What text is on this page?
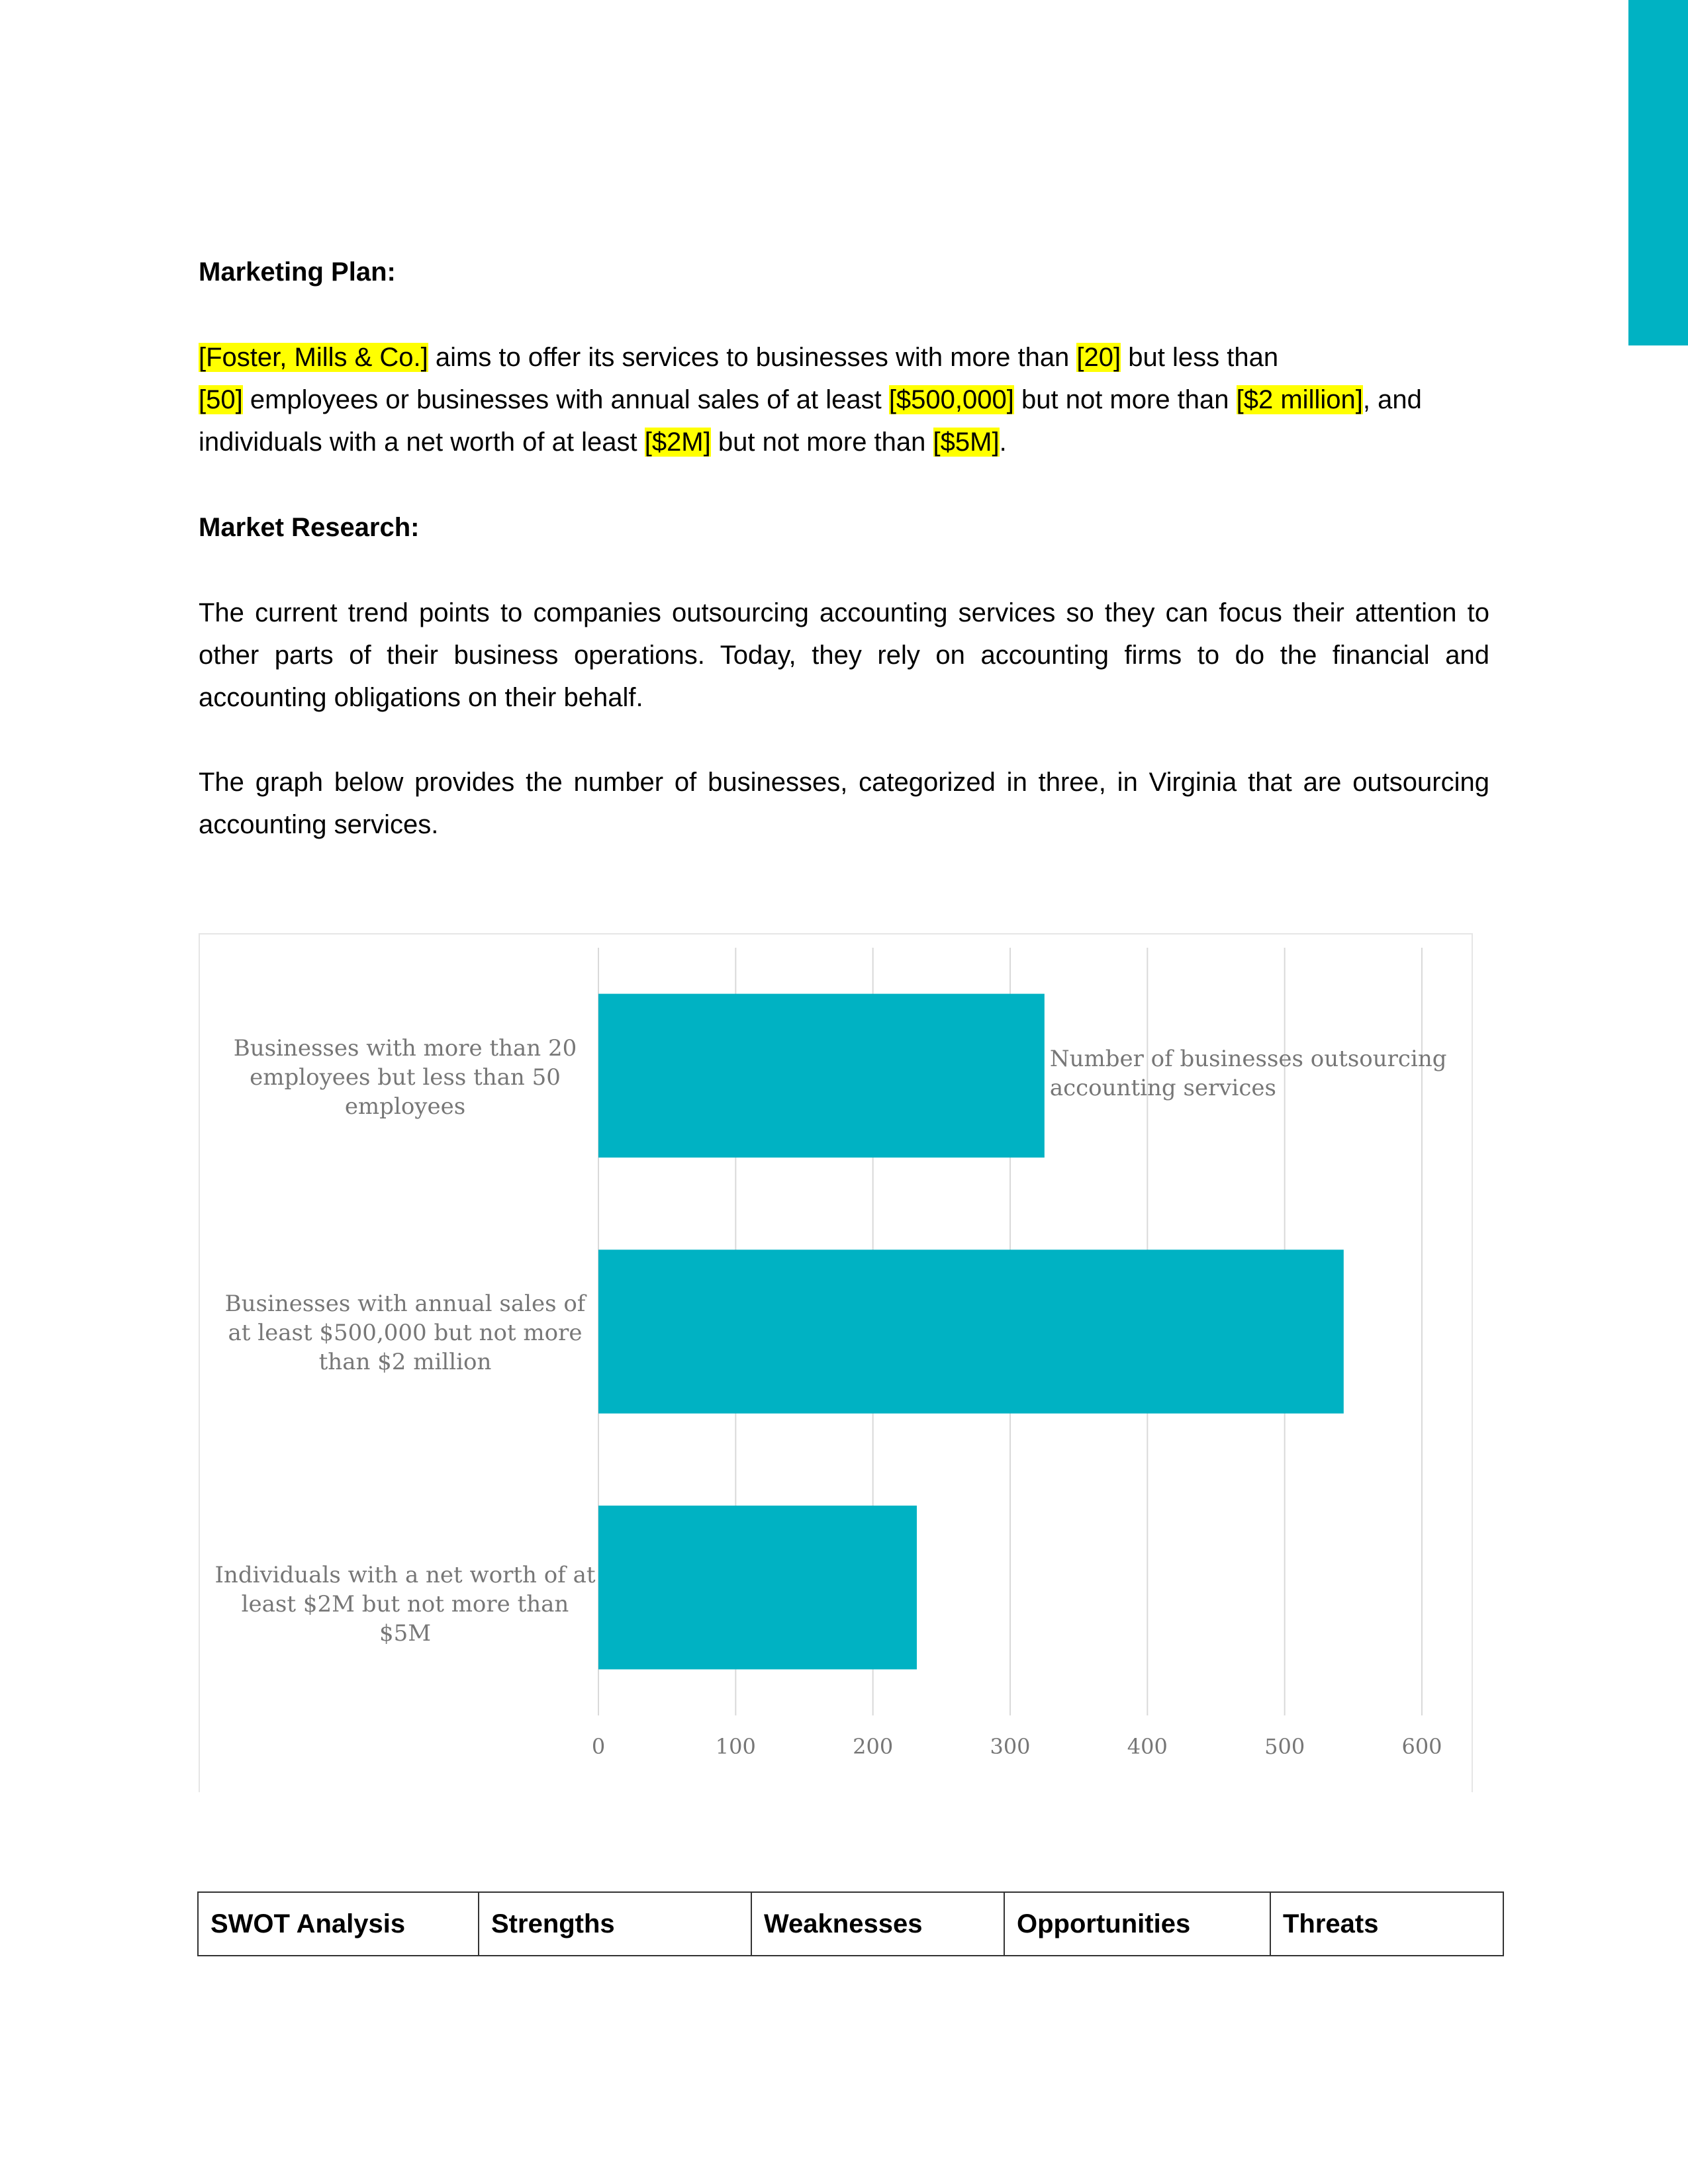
Marketing Plan:
[Foster, Mills & Co.] aims to offer its services to businesses with more than [20] but less than
[50] employees or businesses with annual sales of at least [$500,000] but not more than [$2 million], and
individuals with a net worth of at least [$2M] but not more than [$5M].
Market Research:
The current trend points to companies outsourcing accounting services so they can focus their attention to other parts of their business operations. Today, they rely on accounting firms to do the financial and accounting obligations on their behalf.
The graph below provides the number of businesses, categorized in three, in Virginia that are outsourcing accounting services.
0	100	200	300	400	500	600
Businesses with more than 20 employees but less than 50 employees
Businesses with annual sales of at least $500,000 but not more than $2 million
Individuals with a net worth of at least $2M but not more than $5M
Number of businesses outsourcing accounting services
SWOT Analysis	Strengths	Weaknesses	Opportunities	Threats
